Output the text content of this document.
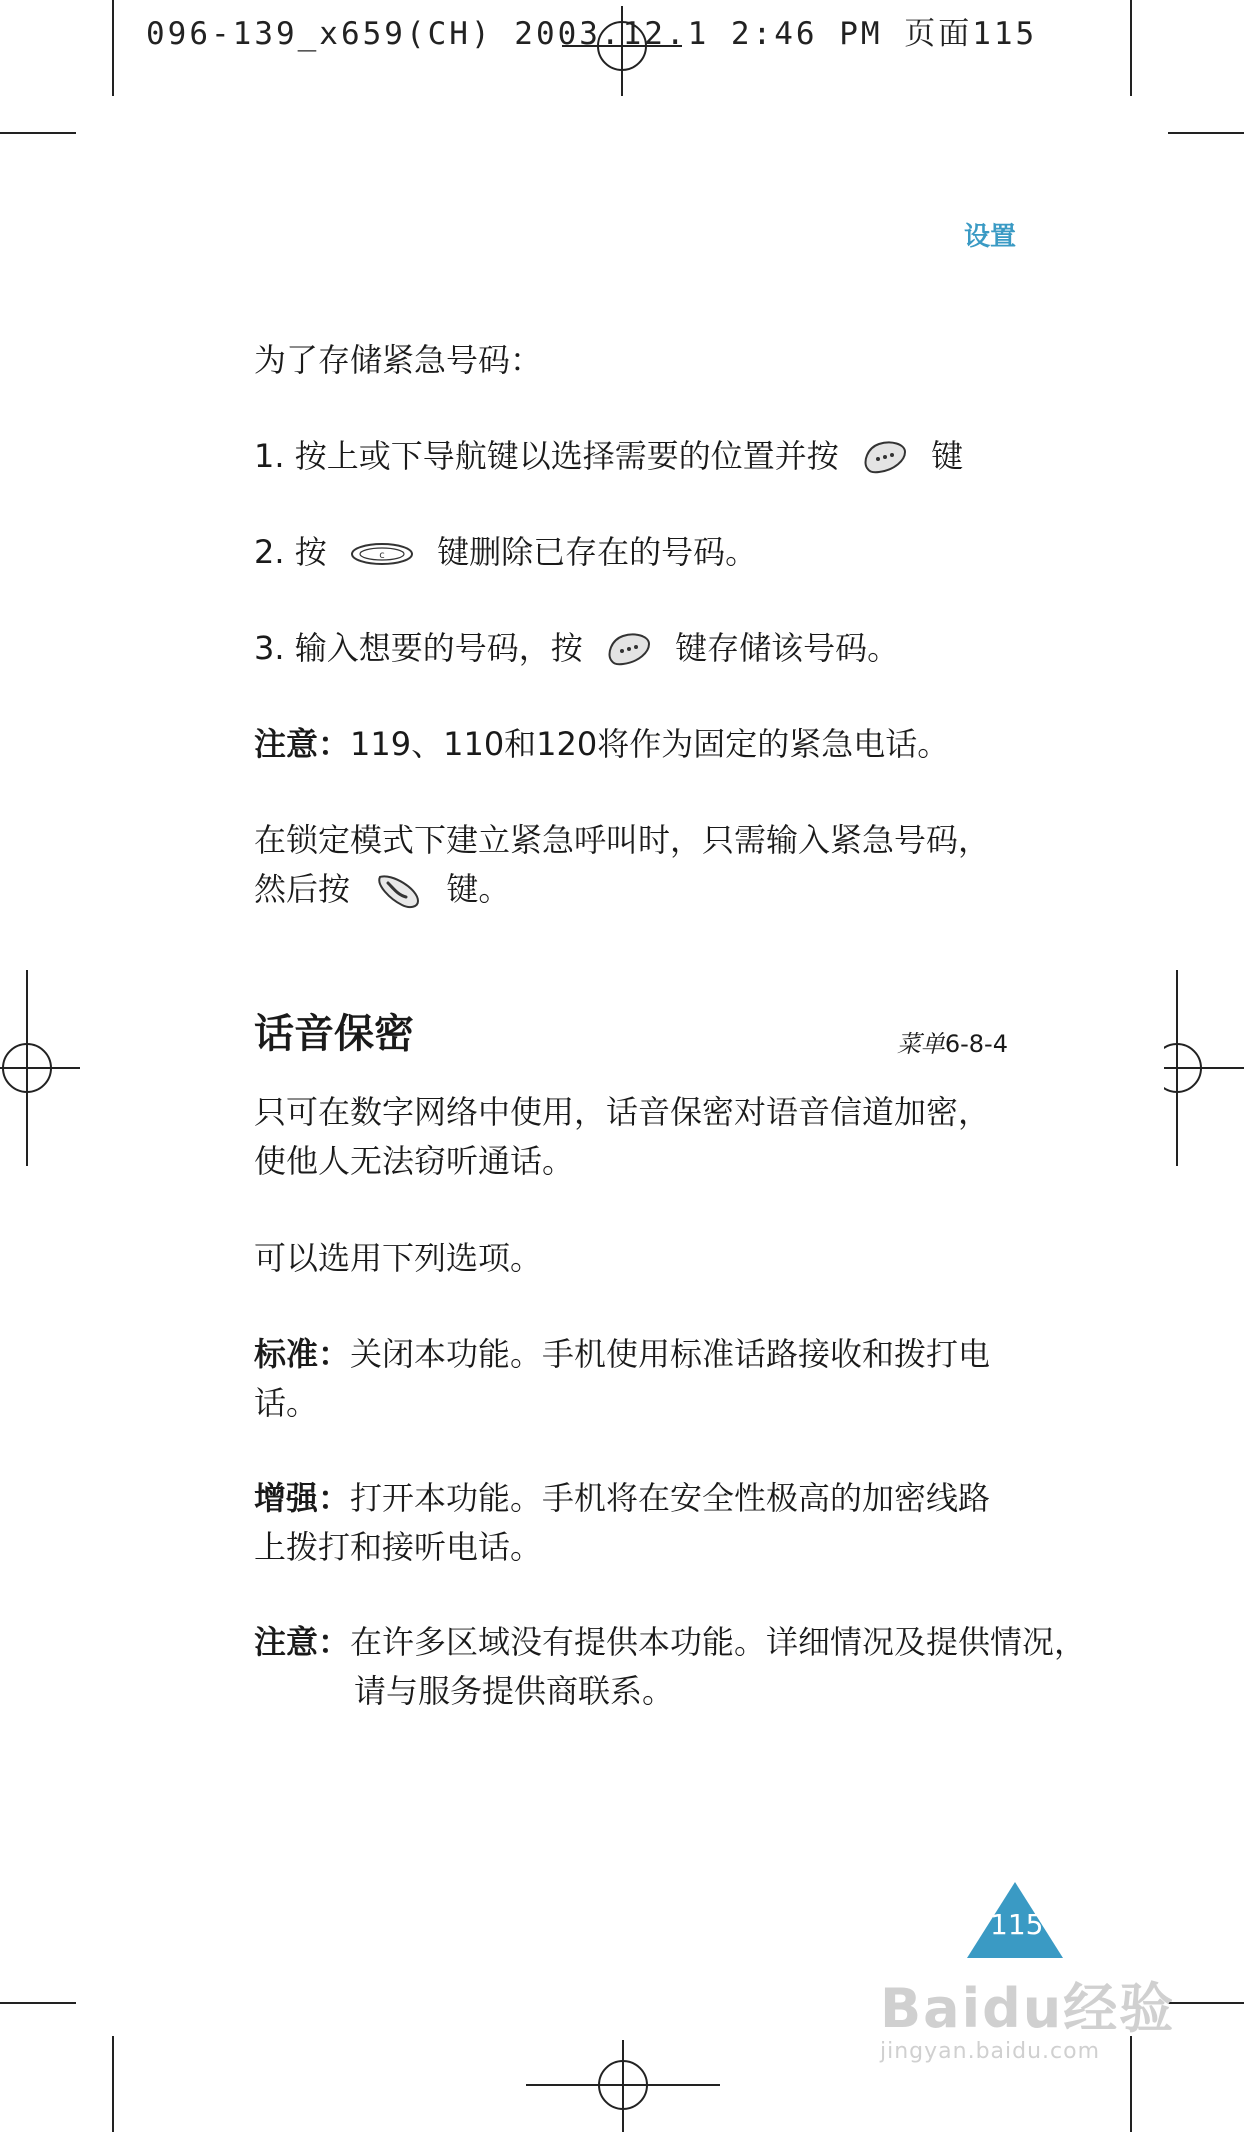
096-139_x659(CH) 2003.12.1 2:46 PM 页面115
设置
为了存储紧急号码：
1. 按上或下导航键以选择需要的位置并按	键
2. 按	c 键删除已存在的号码。
3. 输入想要的号码，按	键存储该号码。
注意：119、110和120将作为固定的紧急电话。
在锁定模式下建立紧急呼叫时，只需输入紧急号码，
然后按	键。
话音保密	菜单6-8-4
只可在数字网络中使用，话音保密对语音信道加密，使他人无法窃听通话。
可以选用下列选项。
标准：关闭本功能。手机使用标准话路接收和拨打电话。
增强：打开本功能。手机将在安全性极高的加密线路上拨打和接听电话。
注意：在许多区域没有提供本功能。详细情况及提供情况，请与服务提供商联系。
115
Baidu经验
jingyan.baidu.com
